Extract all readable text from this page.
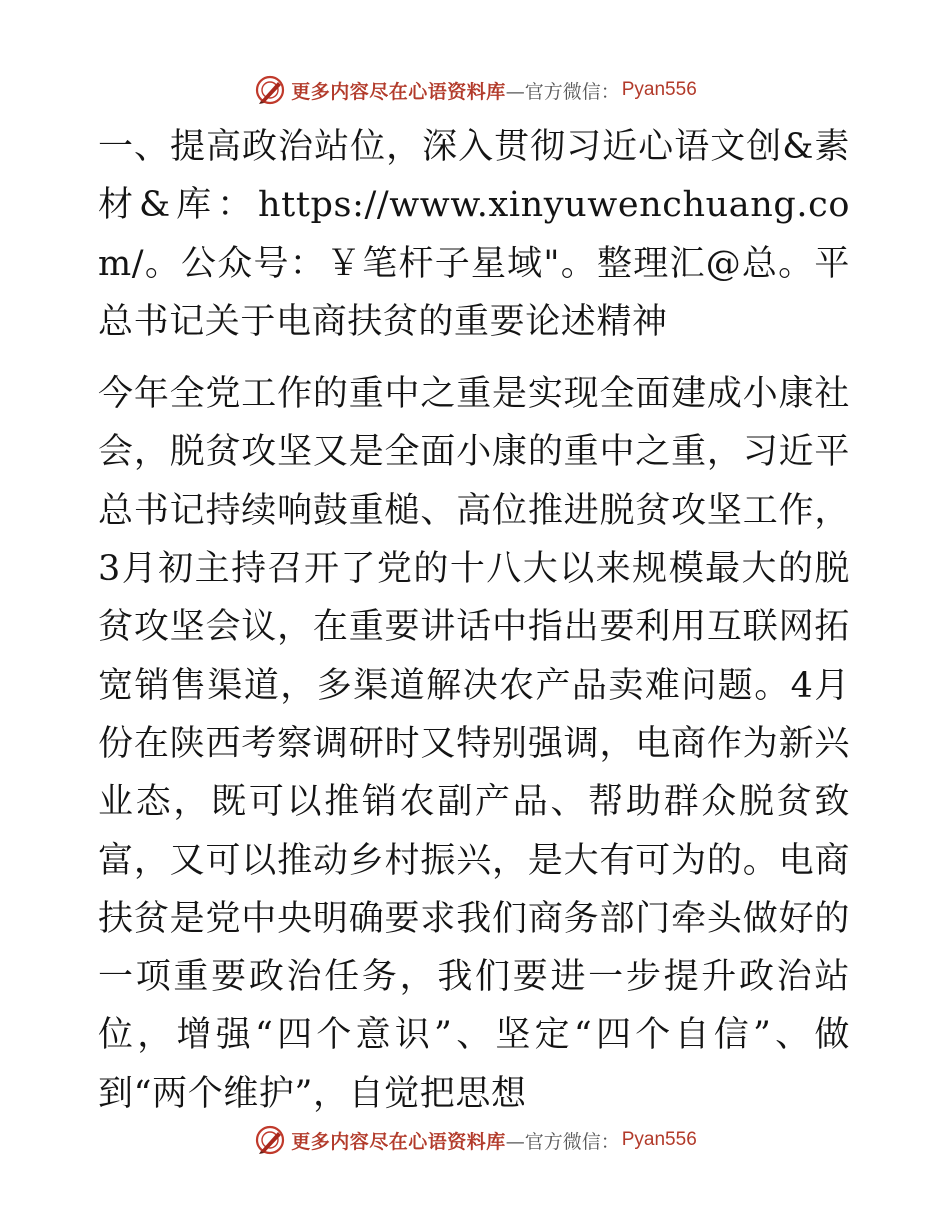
更多内容尽在心语资料库 —官方微信： Pyan556

一、提高政治站位，深入贯彻习近心语文创&素材&库：https://www.xinyuwenchuang.com/。公众号：￥笔杆子星域"。整理汇@总。平总书记关于电商扶贫的重要论述精神

今年全党工作的重中之重是实现全面建成小康社会，脱贫攻坚又是全面小康的重中之重，习近平总书记持续响鼓重槌、高位推进脱贫攻坚工作，3月初主持召开了党的十八大以来规模最大的脱贫攻坚会议，在重要讲话中指出要利用互联网拓宽销售渠道，多渠道解决农产品卖难问题。4月份在陕西考察调研时又特别强调，电商作为新兴业态，既可以推销农副产品、帮助群众脱贫致富，又可以推动乡村振兴，是大有可为的。电商扶贫是党中央明确要求我们商务部门牵头做好的一项重要政治任务，我们要进一步提升政治站位，增强“四个意识”、坚定“四个自信”、做到“两个维护”，自觉把思想

更多内容尽在心语资料库 —官方微信： Pyan556
